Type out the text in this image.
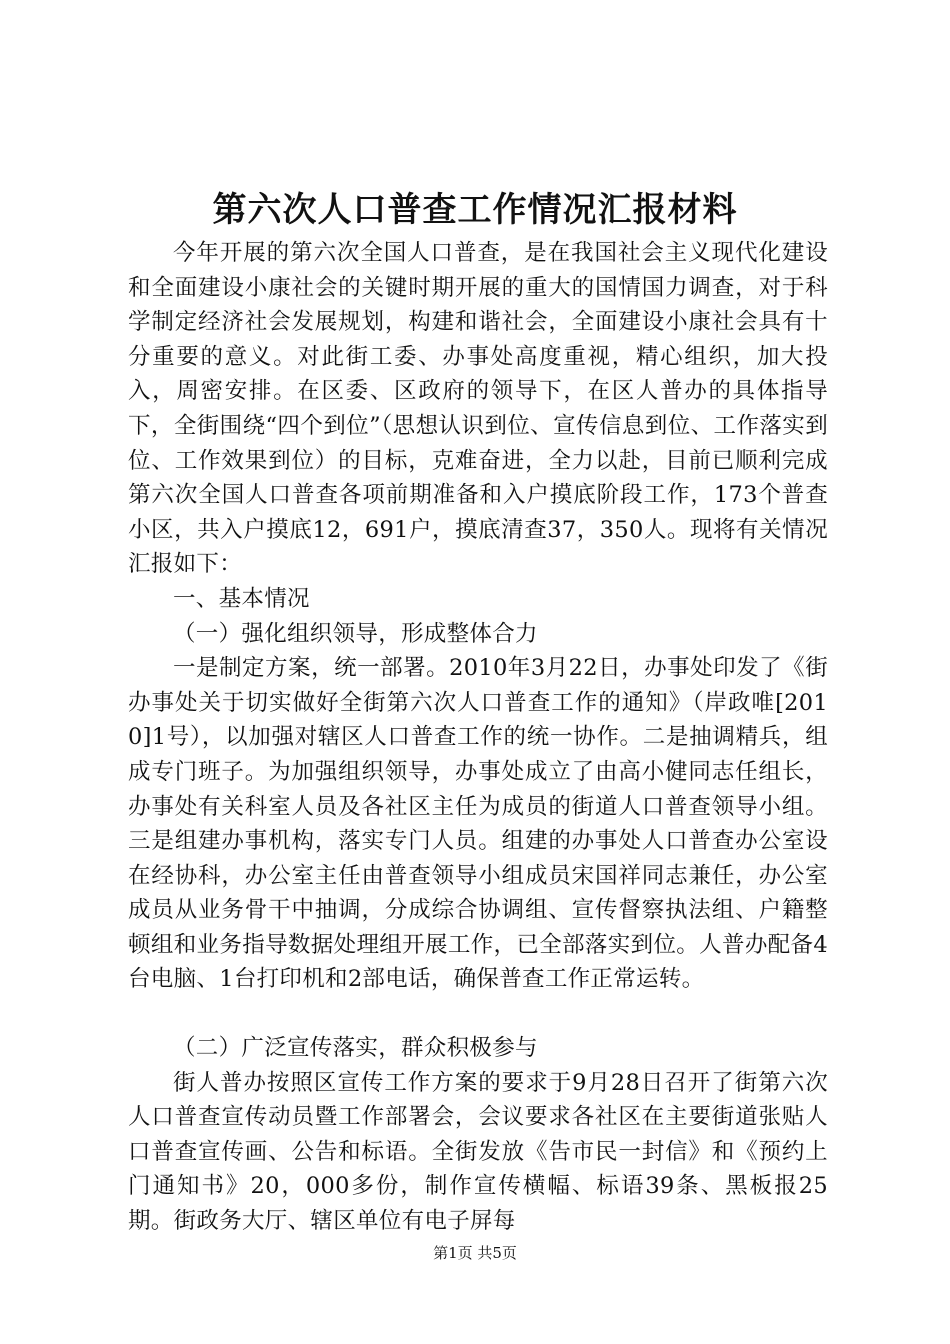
第六次人口普查工作情况汇报材料

今年开展的第六次全国人口普查，是在我国社会主义现代化建设和全面建设小康社会的关键时期开展的重大的国情国力调查，对于科学制定经济社会发展规划，构建和谐社会，全面建设小康社会具有十分重要的意义。对此街工委、办事处高度重视，精心组织，加大投入，周密安排。在区委、区政府的领导下，在区人普办的具体指导下，全街围绕“四个到位”（思想认识到位、宣传信息到位、工作落实到位、工作效果到位）的目标，克难奋进，全力以赴，目前已顺利完成第六次全国人口普查各项前期准备和入户摸底阶段工作，173个普查小区，共入户摸底12，691户，摸底清查37，350人。现将有关情况汇报如下：

一、基本情况

（一）强化组织领导，形成整体合力

一是制定方案，统一部署。2010年3月22日，办事处印发了《街办事处关于切实做好全街第六次人口普查工作的通知》（岸政唯[2010]1号），以加强对辖区人口普查工作的统一协作。二是抽调精兵，组成专门班子。为加强组织领导，办事处成立了由高小健同志任组长，办事处有关科室人员及各社区主任为成员的街道人口普查领导小组。三是组建办事机构，落实专门人员。组建的办事处人口普查办公室设在经协科，办公室主任由普查领导小组成员宋国祥同志兼任，办公室成员从业务骨干中抽调，分成综合协调组、宣传督察执法组、户籍整顿组和业务指导数据处理组开展工作，已全部落实到位。人普办配备4台电脑、1台打印机和2部电话，确保普查工作正常运转。

（二）广泛宣传落实，群众积极参与

街人普办按照区宣传工作方案的要求于9月28日召开了街第六次人口普查宣传动员暨工作部署会，会议要求各社区在主要街道张贴人口普查宣传画、公告和标语。全街发放《告市民一封信》和《预约上门通知书》20，000多份，制作宣传横幅、标语39条、黑板报25期。街政务大厅、辖区单位有电子屏每

第1页 共5页
